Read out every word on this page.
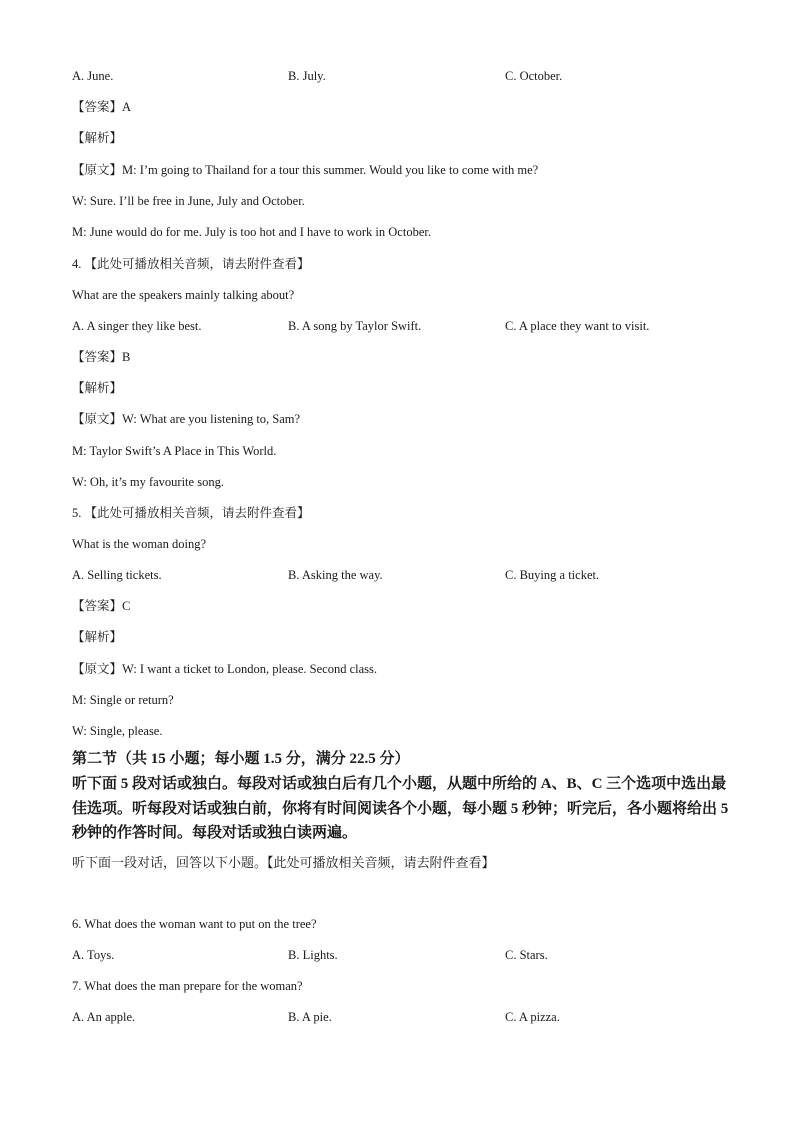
A. June.	B. July.	C. October.
【答案】A
【解析】
【原文】M: I’m going to Thailand for a tour this summer. Would you like to come with me?
W: Sure. I’ll be free in June, July and October.
M: June would do for me. July is too hot and I have to work in October.
4. 【此处可播放相关音频，请去附件查看】
What are the speakers mainly talking about?
A. A singer they like best.	B. A song by Taylor Swift.	C. A place they want to visit.
【答案】B
【解析】
【原文】W: What are you listening to, Sam?
M: Taylor Swift’s A Place in This World.
W: Oh, it’s my favourite song.
5. 【此处可播放相关音频，请去附件查看】
What is the woman doing?
A. Selling tickets.	B. Asking the way.	C. Buying a ticket.
【答案】C
【解析】
【原文】W: I want a ticket to London, please. Second class.
M: Single or return?
W: Single, please.
第二节（共 15 小题；每小题 1.5 分，满分 22.5 分）
听下面 5 段对话或独白。每段对话或独白后有几个小题，从题中所给的 A、B、C 三个选项中选出最佳选项。听每段对话或独白前，你将有时间阅读各个小题，每小题 5 秒钟；听完后，各小题将给出 5 秒钟的作答时间。每段对话或独白读两遍。
听下面一段对话，回答以下小题。【此处可播放相关音频，请去附件查看】
6. What does the woman want to put on the tree?
A. Toys.	B. Lights.	C. Stars.
7. What does the man prepare for the woman?
A. An apple.	B. A pie.	C. A pizza.
